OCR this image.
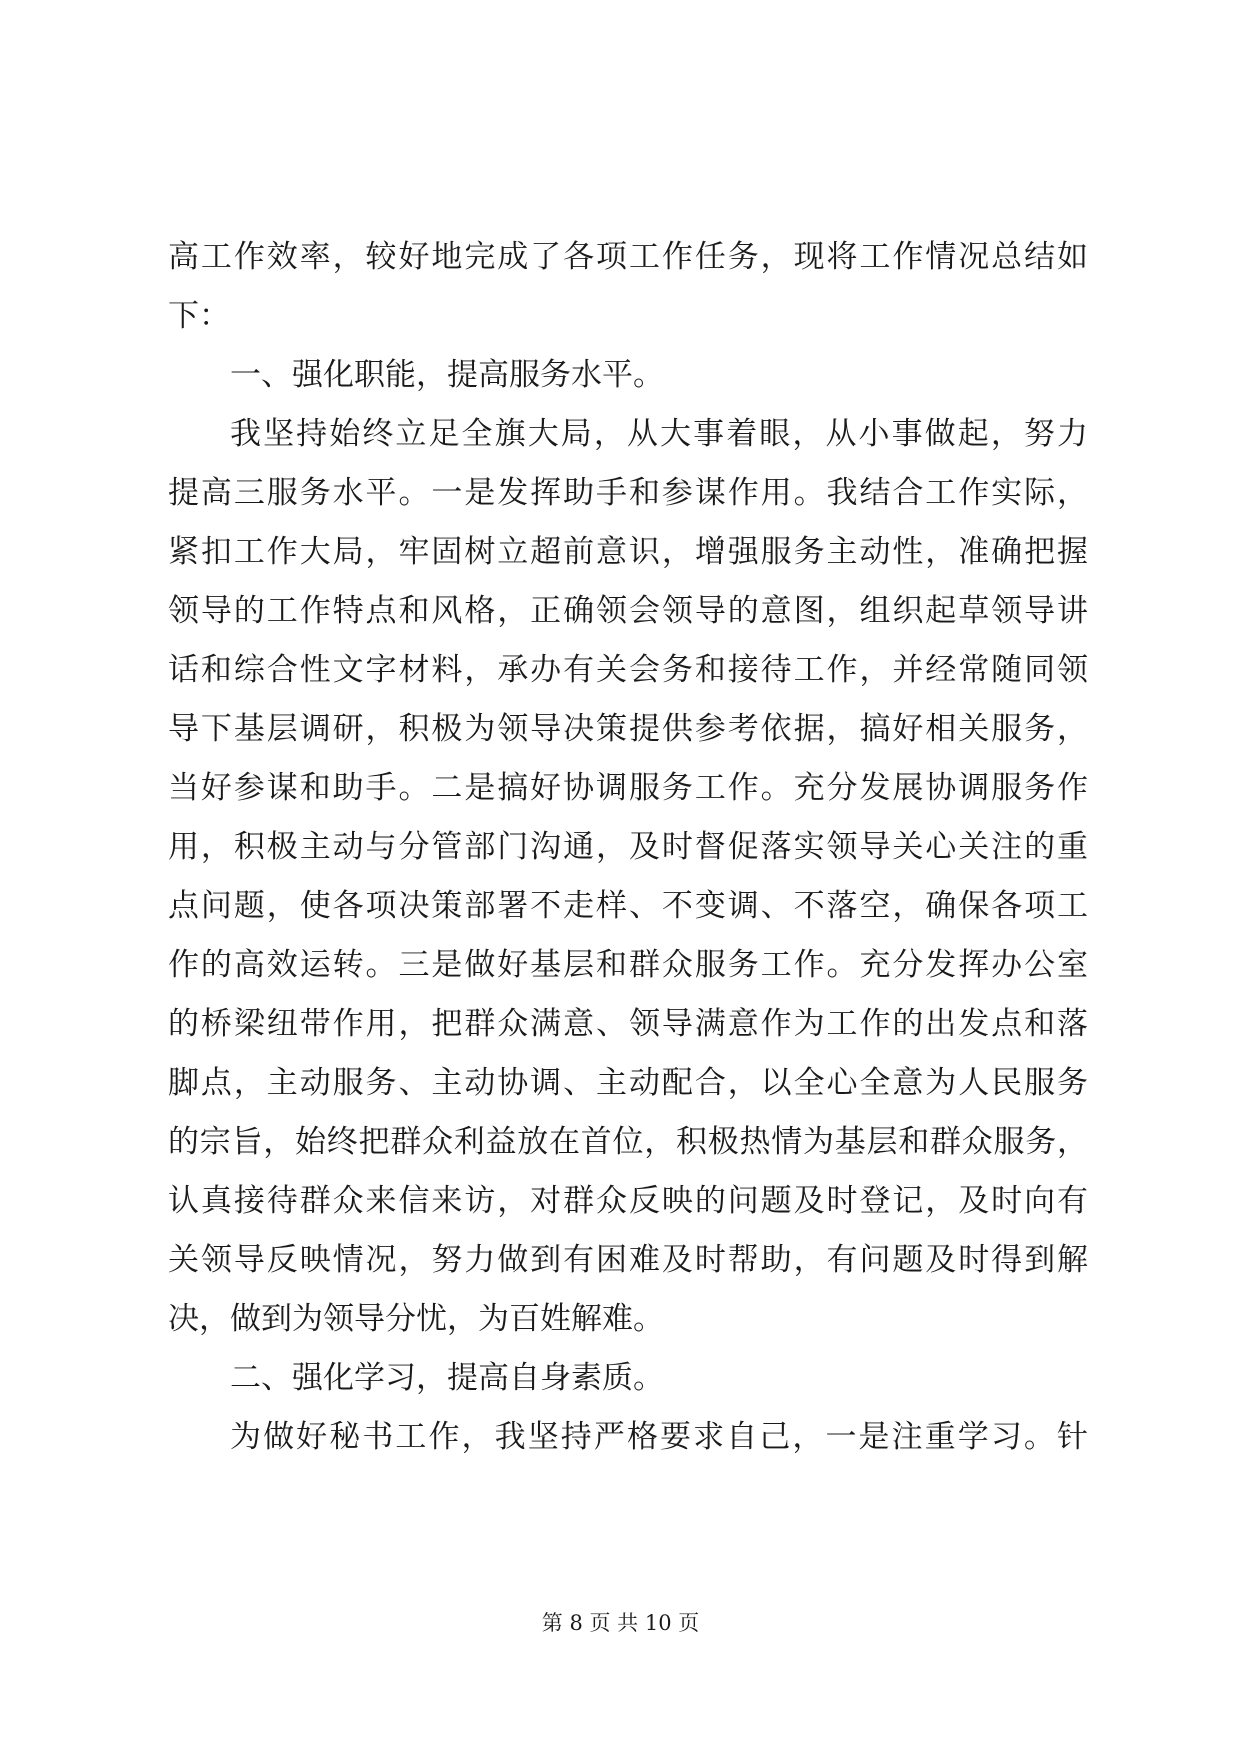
高工作效率，较好地完成了各项工作任务，现将工作情况总结如
下：
一、强化职能，提高服务水平。
我坚持始终立足全旗大局，从大事着眼，从小事做起，努力
提高三服务水平。一是发挥助手和参谋作用。我结合工作实际，
紧扣工作大局，牢固树立超前意识，增强服务主动性，准确把握
领导的工作特点和风格，正确领会领导的意图，组织起草领导讲
话和综合性文字材料，承办有关会务和接待工作，并经常随同领
导下基层调研，积极为领导决策提供参考依据，搞好相关服务，
当好参谋和助手。二是搞好协调服务工作。充分发展协调服务作
用，积极主动与分管部门沟通，及时督促落实领导关心关注的重
点问题，使各项决策部署不走样、不变调、不落空，确保各项工
作的高效运转。三是做好基层和群众服务工作。充分发挥办公室
的桥梁纽带作用，把群众满意、领导满意作为工作的出发点和落
脚点，主动服务、主动协调、主动配合，以全心全意为人民服务
的宗旨，始终把群众利益放在首位，积极热情为基层和群众服务，
认真接待群众来信来访，对群众反映的问题及时登记，及时向有
关领导反映情况，努力做到有困难及时帮助，有问题及时得到解
决，做到为领导分忧，为百姓解难。
二、强化学习，提高自身素质。
为做好秘书工作，我坚持严格要求自己，一是注重学习。针
第 8 页 共 10 页
